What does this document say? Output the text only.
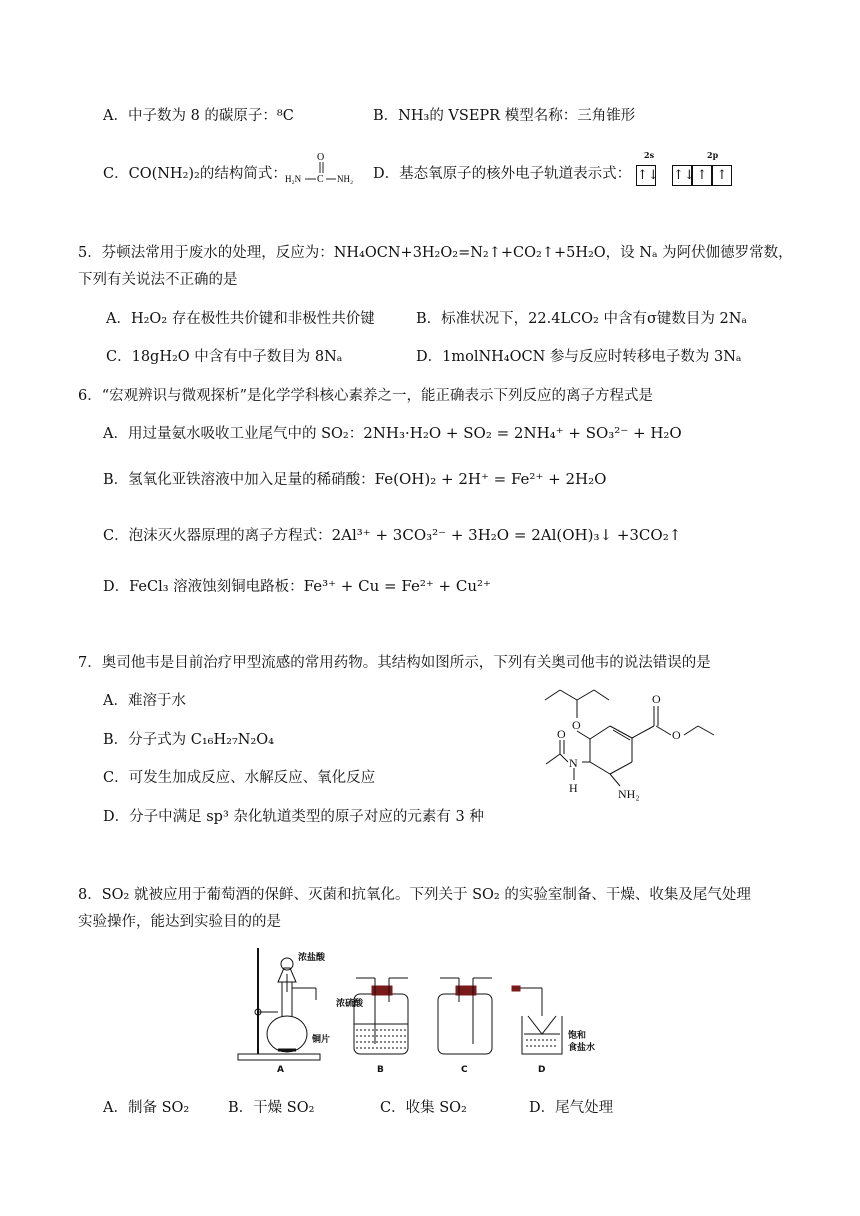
A．中子数为 8 的碳原子：⁸C	B．NH₃的 VSEPR 模型名称：三角锥形
C．CO(NH₂)₂的结构简式：
O
H₂N C NH₂ D．基态氧原子的核外电子轨道表示式：
2s	2p
↑↓ ↑↓ ↑ ↑
5．芬顿法常用于废水的处理，反应为：NH₄OCN+3H₂O₂=N₂↑+CO₂↑+5H₂O，设 Nₐ 为阿伏伽德罗常数，
下列有关说法不正确的是
A．H₂O₂ 存在极性共价键和非极性共价键	B．标准状况下，22.4LCO₂ 中含有σ键数目为 2Nₐ
C．18gH₂O 中含有中子数目为 8Nₐ	D．1molNH₄OCN 参与反应时转移电子数为 3Nₐ
6．“宏观辨识与微观探析”是化学学科核心素养之一，能正确表示下列反应的离子方程式是
A．用过量氨水吸收工业尾气中的 SO₂：2NH₃·H₂O + SO₂ = 2NH₄⁺ + SO₃²⁻ + H₂O
B．氢氧化亚铁溶液中加入足量的稀硝酸：Fe(OH)₂ + 2H⁺ = Fe²⁺ + 2H₂O
C．泡沫灭火器原理的离子方程式：2Al³⁺ + 3CO₃²⁻ + 3H₂O = 2Al(OH)₃↓ +3CO₂↑
D．FeCl₃ 溶液蚀刻铜电路板：Fe³⁺ + Cu = Fe²⁺ + Cu²⁺
7．奥司他韦是目前治疗甲型流感的常用药物。其结构如图所示，下列有关奥司他韦的说法错误的是
A．难溶于水
B．分子式为 C₁₆H₂₇N₂O₄
C．可发生加成反应、水解反应、氧化反应
D．分子中满足 sp³ 杂化轨道类型的原子对应的元素有 3 种
O
O
O
O
N
H	NH₂
8．SO₂ 就被应用于葡萄酒的保鲜、灭菌和抗氧化。下列关于 SO₂ 的实验室制备、干燥、收集及尾气处理
实验操作，能达到实验目的的是
浓盐酸
铜片
浓硫酸
饱和
食盐水
A	B	C	D
A．制备 SO₂	B．干燥 SO₂	C．收集 SO₂	D．尾气处理
